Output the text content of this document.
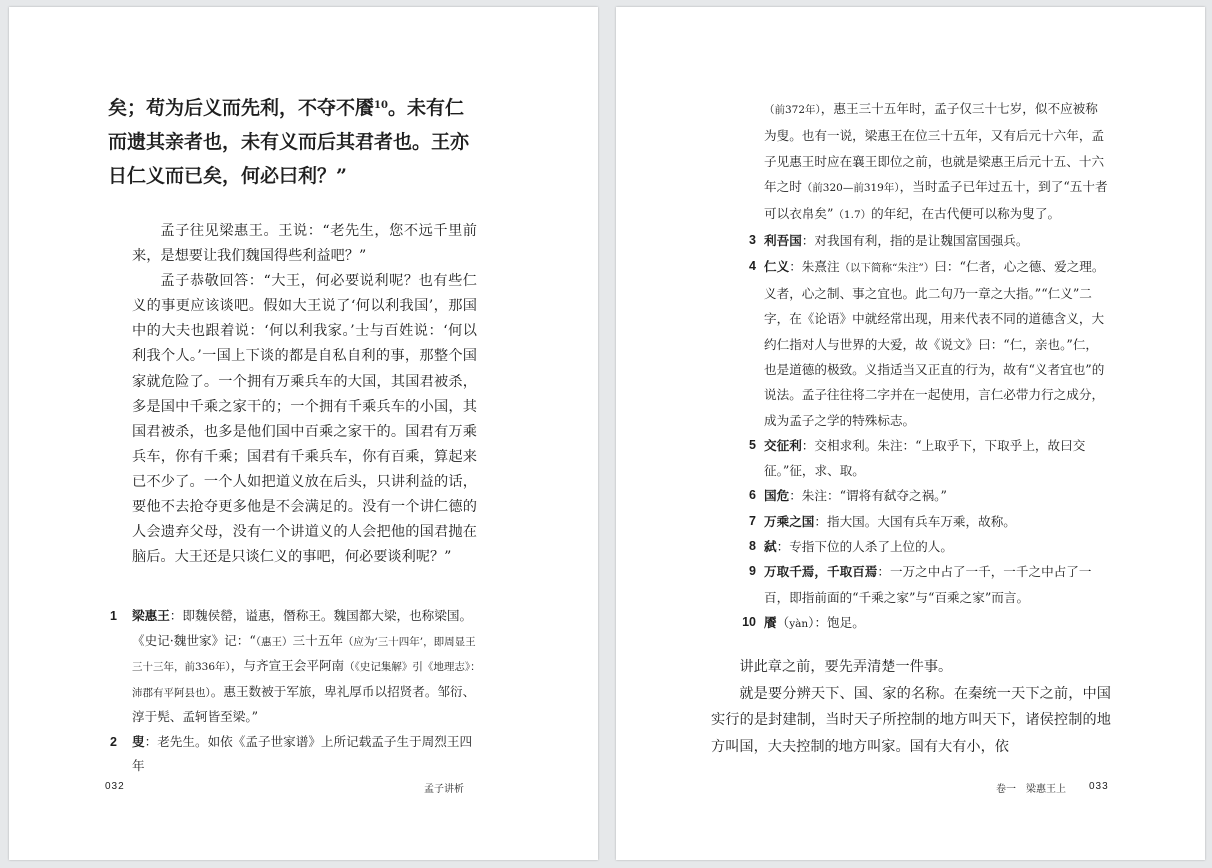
矣；苟为后义而先利，不夺不餍$^{10}$。未有仁而遗其亲者也，未有义而后其君者也。王亦日仁义而已矣，何必曰利？”

孟子往见梁惠王。王说：“老先生，您不远千里前来，是想要让我们魏国得些利益吧？”

孟子恭敬回答：“大王，何必要说利呢？也有些仁义的事更应该谈吧。假如大王说了‘何以利我国’，那国中的大夫也跟着说：‘何以利我家。’士与百姓说：‘何以利我个人。’一国上下谈的都是自私自利的事，那整个国家就危险了。一个拥有万乘兵车的大国，其国君被杀，多是国中千乘之家干的；一个拥有千乘兵车的小国，其国君被杀，也多是他们国中百乘之家干的。国君有万乘兵车，你有千乘；国君有千乘兵车，你有百乘，算起来已不少了。一个人如把道义放在后头，只讲利益的话，要他不去抢夺更多他是不会满足的。没有一个讲仁德的人会遗弃父母，没有一个讲道义的人会把他的国君抛在脑后。大王还是只谈仁义的事吧，何必要谈利呢？”

1	梁惠王：即魏侯罃，谥惠，僭称王。魏国都大梁，也称梁国。《史记·魏世家》记：“（惠王）三十五年（应为‘三十四年’，即周显王三十三年，前336年），与齐宣王会平阿南（《史记集解》引《地理志》：沛郡有平阿县也）。惠王数被于军旅，卑礼厚币以招贤者。邹衍、淳于髡、孟轲皆至梁。”
2	叟：老先生。如依《孟子世家谱》上所记载孟子生于周烈王四年
032	孟子讲析

（前372年），惠王三十五年时，孟子仅三十七岁，似不应被称为叟。也有一说，梁惠王在位三十五年，又有后元十六年，孟子见惠王时应在襄王即位之前，也就是梁惠王后元十五、十六年之时（前320—前319年），当时孟子已年过五十，到了“五十者可以衣帛矣”（1.7）的年纪，在古代便可以称为叟了。

3 利吾国：对我国有利，指的是让魏国富国强兵。
4 仁义：朱熹注（以下简称“朱注”）曰：“仁者，心之德、爱之理。义者，心之制、事之宜也。此二句乃一章之大指。”“仁义”二字，在《论语》中就经常出现，用来代表不同的道德含义，大约仁指对人与世界的大爱，故《说文》曰：“仁，亲也。”仁，也是道德的极致。义指适当又正直的行为，故有“义者宜也”的说法。孟子往往将二字并在一起使用，言仁必带力行之成分，成为孟子之学的特殊标志。
5 交征利：交相求利。朱注：“上取乎下，下取乎上，故曰交征。”征，求、取。
6 国危：朱注：“谓将有弑夺之祸。”
7 万乘之国：指大国。大国有兵车万乘，故称。
8 弑：专指下位的人杀了上位的人。
9 万取千焉，千取百焉：一万之中占了一千，一千之中占了一百，即指前面的“千乘之家”与“百乘之家”而言。
10 餍（yàn）：饱足。

讲此章之前，要先弄清楚一件事。

就是要分辨天下、国、家的名称。在秦统一天下之前，中国实行的是封建制，当时天子所控制的地方叫天下，诸侯控制的地方叫国，大夫控制的地方叫家。国有大有小，依

卷一　梁惠王上 033
